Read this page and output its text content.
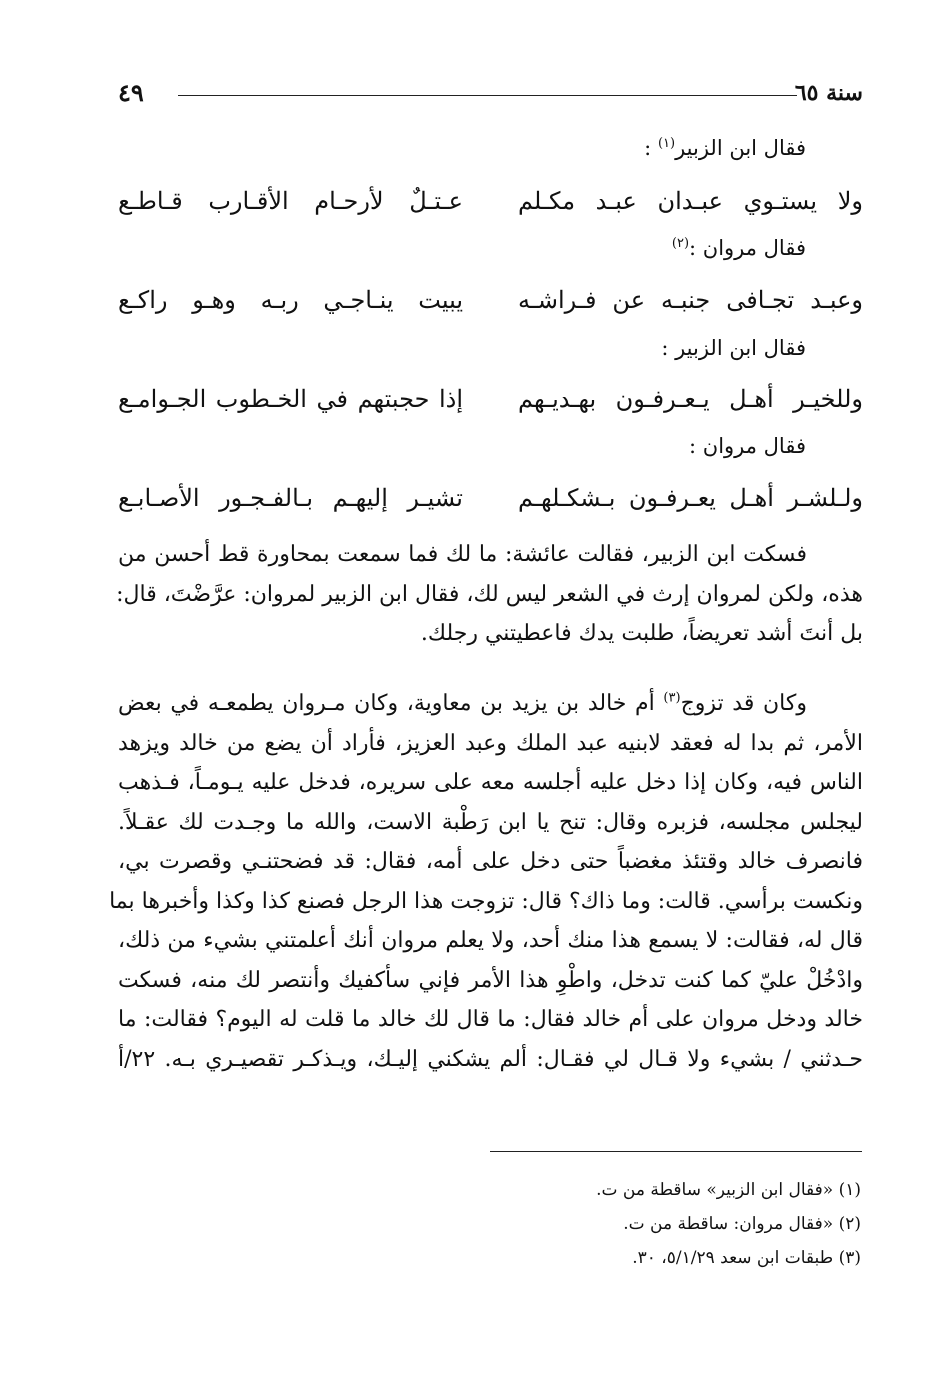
سنة ٦٥
٤٩
فقال ابن الزبير$^{(١)}$ :
ولا يستـوي عبـدان عبـد مكـلم
عـتـلٌ لأرحـام الأقـارب قـاطـع
فقال مروان :$^{(٢)}$
وعبـد تجـافى جنبـه عن فـراشـه
يبيت ينـاجـي ربـه وهـو راكـع
فقال ابن الزبير :
وللخيـر أهـل يـعـرفـون بهـديـهم
إذا حجبتهم في الخـطوب الجـوامـع
فقال مروان :
ولـلشـر أهـل يعـرفـون بـشكـلهـم
تشيـر إليهـم بـالفـجـور الأصـابـع
فسكت ابن الزبير، فقالت عائشة: ما لك فما سمعت بمحاورة قط أحسن من
هذه، ولكن لمروان إرث في الشعر ليس لك، فقال ابن الزبير لمروان: عرَّضْتَ، قال:
بل أنتَ أشد تعريضاً، طلبت يدك فاعطيتني رجلك.
وكان قد تزوج$^{(٣)}$ أم خالد بن يزيد بن معاوية، وكان مـروان يطمعـه في بعض
الأمر، ثم بدا له فعقد لابنيه عبد الملك وعبد العزيز، فأراد أن يضع من خالد ويزهد
الناس فيه، وكان إذا دخل عليه أجلسه معه على سريره، فدخل عليه يـومـاً، فـذهب
ليجلس مجلسه، فزبره وقال: تنح يا ابن رَطْبة الاست، والله ما وجـدت لك عقـلاً.
فانصرف خالد وقتئذ مغضباً حتى دخل على أمه، فقال: قد فضحتنـي وقصرت بي،
ونكست برأسي. قالت: وما ذاك؟ قال: تزوجت هذا الرجل فصنع كذا وكذا وأخبرها بما
قال له، فقالت: لا يسمع هذا منك أحد، ولا يعلم مروان أنك أعلمتني بشيء من ذلك،
وادْخُلْ عليّ كما كنت تدخل، واطْوِ هذا الأمر فإني سأكفيك وأنتصر لك منه، فسكت
خالد ودخل مروان على أم خالد فقال: ما قال لك خالد ما قلت له اليوم؟ فقالت: ما
حـدثني / بشيء ولا قـال لي فقـال: ألم يشكني إليـك، ويـذكـر تقصيـري بـه. ٢٢/أ
(١) «فقال ابن الزبير» ساقطة من ت.
(٢) «فقال مروان: ساقطة من ت.
(٣) طبقات ابن سعد ٥/١/٢٩، ٣٠.
